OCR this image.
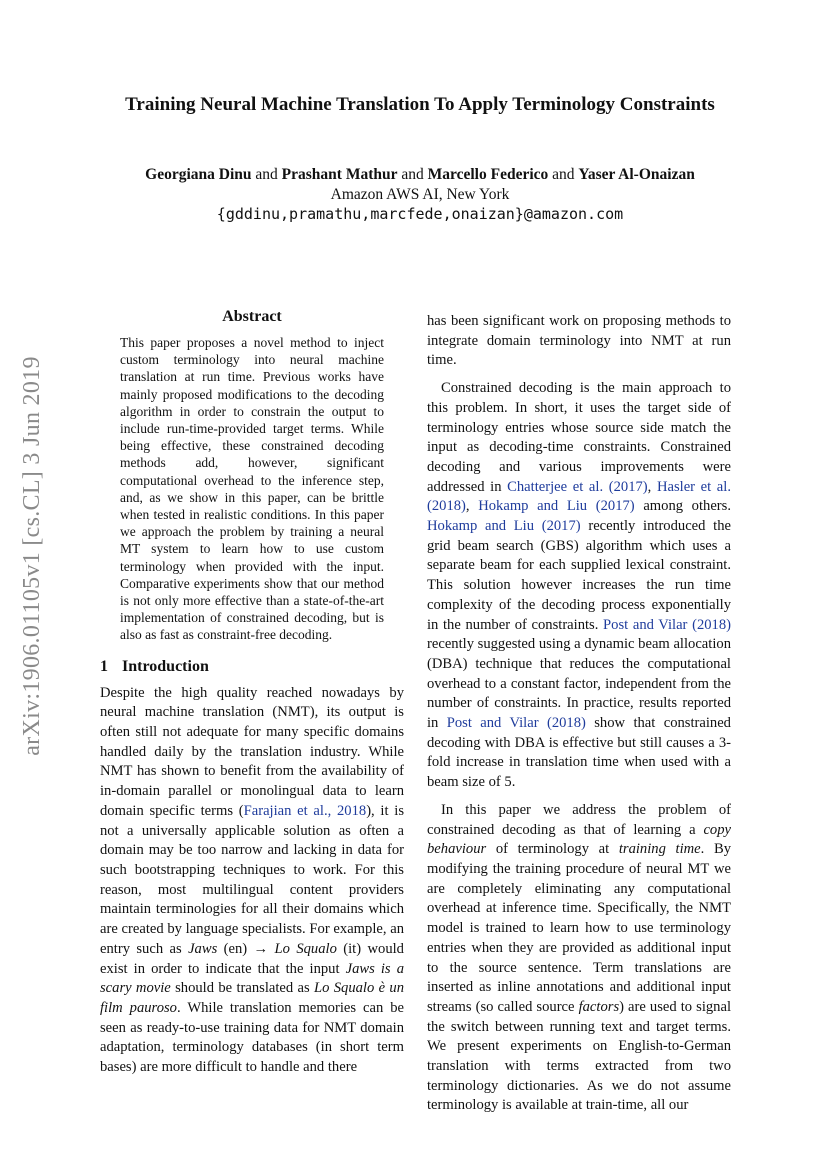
arXiv:1906.01105v1 [cs.CL] 3 Jun 2019
Training Neural Machine Translation To Apply Terminology Constraints
Georgiana Dinu and Prashant Mathur and Marcello Federico and Yaser Al-Onaizan
Amazon AWS AI, New York
{gddinu,pramathu,marcfede,onaizan}@amazon.com
Abstract

This paper proposes a novel method to inject custom terminology into neural machine translation at run time. Previous works have mainly proposed modifications to the decoding algorithm in order to constrain the output to include run-time-provided target terms. While being effective, these constrained decoding methods add, however, significant computational overhead to the inference step, and, as we show in this paper, can be brittle when tested in realistic conditions. In this paper we approach the problem by training a neural MT system to learn how to use custom terminology when provided with the input. Comparative experiments show that our method is not only more effective than a state-of-the-art implementation of constrained decoding, but is also as fast as constraint-free decoding.

1 Introduction

Despite the high quality reached nowadays by neural machine translation (NMT), its output is often still not adequate for many specific domains handled daily by the translation industry. While NMT has shown to benefit from the availability of in-domain parallel or monolingual data to learn domain specific terms (Farajian et al., 2018), it is not a universally applicable solution as often a domain may be too narrow and lacking in data for such bootstrapping techniques to work. For this reason, most multilingual content providers maintain terminologies for all their domains which are created by language specialists. For example, an entry such as Jaws (en) → Lo Squalo (it) would exist in order to indicate that the input Jaws is a scary movie should be translated as Lo Squalo è un film pauroso. While translation memories can be seen as ready-to-use training data for NMT domain adaptation, terminology databases (in short term bases) are more difficult to handle and there

has been significant work on proposing methods to integrate domain terminology into NMT at run time.

Constrained decoding is the main approach to this problem. In short, it uses the target side of terminology entries whose source side match the input as decoding-time constraints. Constrained decoding and various improvements were addressed in Chatterjee et al. (2017), Hasler et al. (2018), Hokamp and Liu (2017) among others. Hokamp and Liu (2017) recently introduced the grid beam search (GBS) algorithm which uses a separate beam for each supplied lexical constraint. This solution however increases the run time complexity of the decoding process exponentially in the number of constraints. Post and Vilar (2018) recently suggested using a dynamic beam allocation (DBA) technique that reduces the computational overhead to a constant factor, independent from the number of constraints. In practice, results reported in Post and Vilar (2018) show that constrained decoding with DBA is effective but still causes a 3-fold increase in translation time when used with a beam size of 5.

In this paper we address the problem of constrained decoding as that of learning a copy behaviour of terminology at training time. By modifying the training procedure of neural MT we are completely eliminating any computational overhead at inference time. Specifically, the NMT model is trained to learn how to use terminology entries when they are provided as additional input to the source sentence. Term translations are inserted as inline annotations and additional input streams (so called source factors) are used to signal the switch between running text and target terms. We present experiments on English-to-German translation with terms extracted from two terminology dictionaries. As we do not assume terminology is available at train-time, all our
